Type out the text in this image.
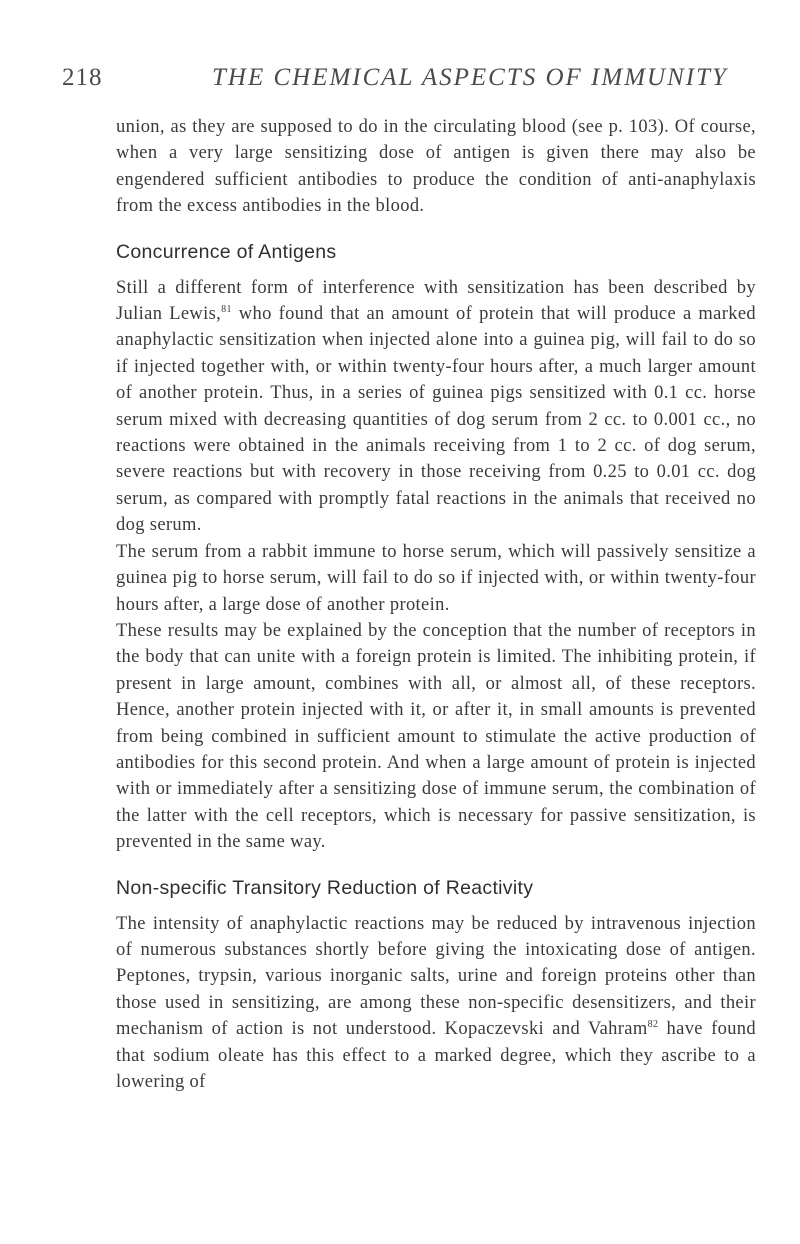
218	THE CHEMICAL ASPECTS OF IMMUNITY

union, as they are supposed to do in the circulating blood (see p. 103). Of course, when a very large sensitizing dose of antigen is given there may also be engendered sufficient antibodies to produce the condition of anti-anaphylaxis from the excess antibodies in the blood.

Concurrence of Antigens

Still a different form of interference with sensitization has been described by Julian Lewis,$^{81}$ who found that an amount of protein that will produce a marked anaphylactic sensitization when injected alone into a guinea pig, will fail to do so if injected together with, or within twenty-four hours after, a much larger amount of another protein. Thus, in a series of guinea pigs sensitized with 0.1 cc. horse serum mixed with decreasing quantities of dog serum from 2 cc. to 0.001 cc., no reactions were obtained in the animals receiving from 1 to 2 cc. of dog serum, severe reactions but with recovery in those receiving from 0.25 to 0.01 cc. dog serum, as compared with promptly fatal reactions in the animals that received no dog serum.

The serum from a rabbit immune to horse serum, which will passively sensitize a guinea pig to horse serum, will fail to do so if injected with, or within twenty-four hours after, a large dose of another protein.

These results may be explained by the conception that the number of receptors in the body that can unite with a foreign protein is limited. The inhibiting protein, if present in large amount, combines with all, or almost all, of these receptors. Hence, another protein injected with it, or after it, in small amounts is prevented from being combined in sufficient amount to stimulate the active production of antibodies for this second protein. And when a large amount of protein is injected with or immediately after a sensitizing dose of immune serum, the combination of the latter with the cell receptors, which is necessary for passive sensitization, is prevented in the same way.

Non-specific Transitory Reduction of Reactivity

The intensity of anaphylactic reactions may be reduced by intravenous injection of numerous substances shortly before giving the intoxicating dose of antigen. Peptones, trypsin, various inorganic salts, urine and foreign proteins other than those used in sensitizing, are among these non-specific desensitizers, and their mechanism of action is not understood. Kopaczevski and Vahram$^{82}$ have found that sodium oleate has this effect to a marked degree, which they ascribe to a lowering of
